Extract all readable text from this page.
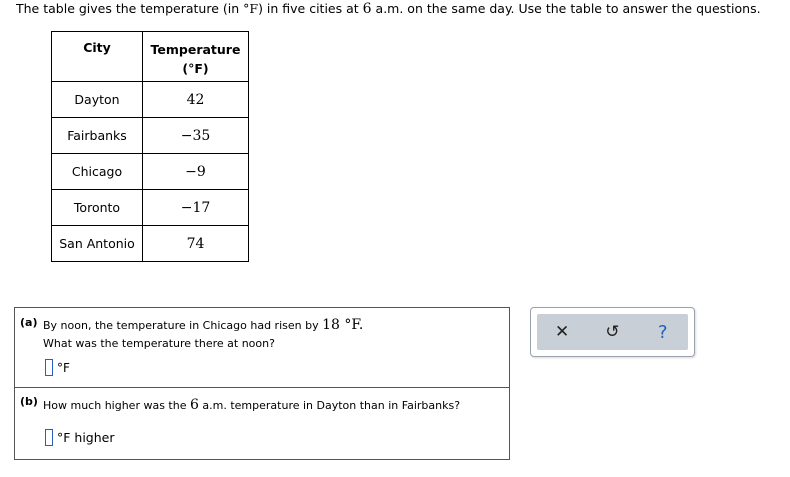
The table gives the temperature (in °F) in five cities at 6 a.m. on the same day. Use the table to answer the questions.
City	Temperature
(°F)
Dayton	42
Fairbanks	−35
Chicago	−9
Toronto	−17
San Antonio	74
(a) By noon, the temperature in Chicago had risen by 18 °F.
What was the temperature there at noon?
°F
(b) How much higher was the 6 a.m. temperature in Dayton than in Fairbanks?
°F higher
✕ ↺ ?
